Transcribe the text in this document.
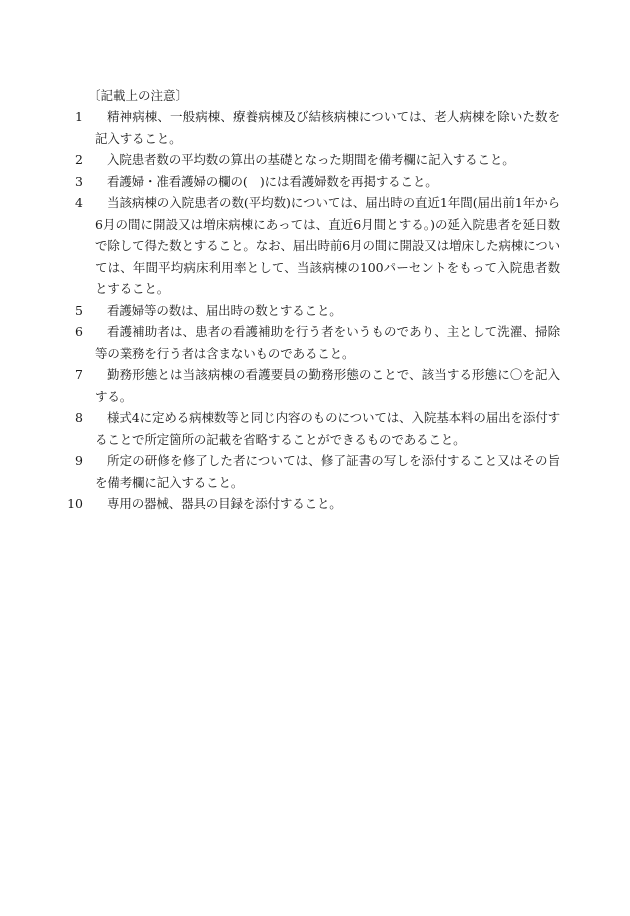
〔記載上の注意〕
1	精神病棟、一般病棟、療養病棟及び結核病棟については、老人病棟を除いた数を記入すること。
2	入院患者数の平均数の算出の基礎となった期間を備考欄に記入すること。
3	看護婦・准看護婦の欄の(　)には看護婦数を再掲すること。
4	当該病棟の入院患者の数(平均数)については、届出時の直近1年間(届出前1年から6月の間に開設又は増床病棟にあっては、直近6月間とする。)の延入院患者を延日数で除して得た数とすること。なお、届出時前6月の間に開設又は増床した病棟については、年間平均病床利用率として、当該病棟の100パーセントをもって入院患者数とすること。
5	看護婦等の数は、届出時の数とすること。
6	看護補助者は、患者の看護補助を行う者をいうものであり、主として洗濯、掃除等の業務を行う者は含まないものであること。
7	勤務形態とは当該病棟の看護要員の勤務形態のことで、該当する形態に〇を記入する。
8	様式4に定める病棟数等と同じ内容のものについては、入院基本料の届出を添付することで所定箇所の記載を省略することができるものであること。
9	所定の研修を修了した者については、修了証書の写しを添付すること又はその旨を備考欄に記入すること。
10	専用の器械、器具の目録を添付すること。
